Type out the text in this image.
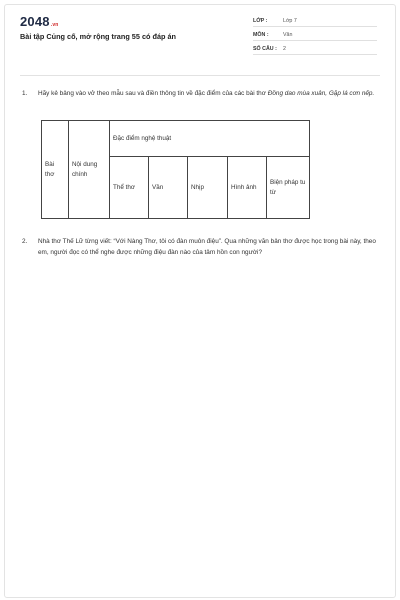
2048.vn
Bài tập Củng cố, mở rộng trang 55 có đáp án
LỚP :	Lớp 7
MÔN :	Văn
SỐ CÂU : 2
1. Hãy kẻ bảng vào vở theo mẫu sau và điền thông tin về đặc điểm của các bài thơ Đồng dao mùa xuân, Gặp lá cơn nếp.
Bài thơ	Nội dung chính	Đặc điểm nghệ thuật				
		Thể thơ	Vần	Nhịp	Hình ảnh	Biện pháp tu từ
2. Nhà thơ Thế Lữ từng viết: “Với Nàng Thơ, tôi có đàn muôn điệu”. Qua những văn bản thơ được học trong bài này, theo em, người đọc có thể nghe được những điệu đàn nào của tâm hồn con người?
